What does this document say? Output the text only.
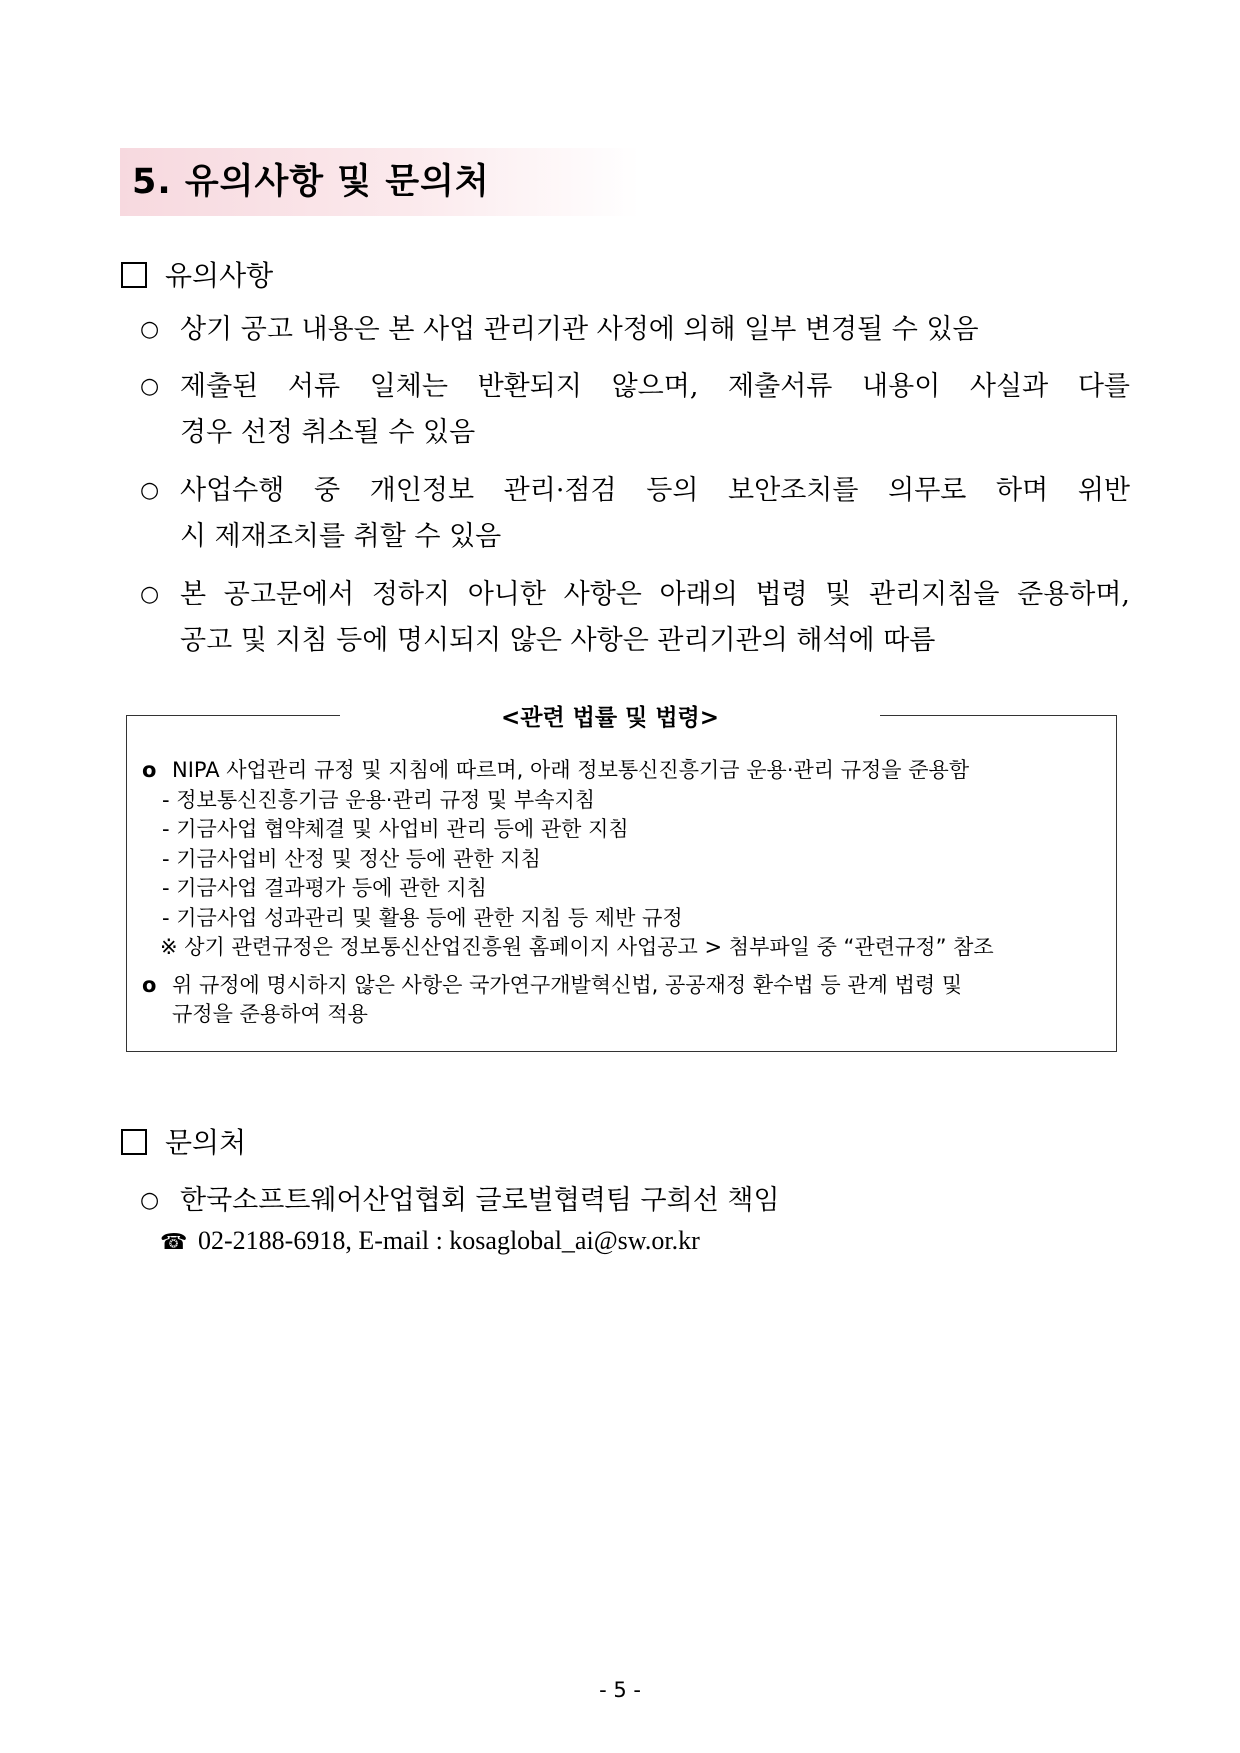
5. 유의사항 및 문의처
유의사항
○ 상기 공고 내용은 본 사업 관리기관 사정에 의해 일부 변경될 수 있음
○ 제출된 서류 일체는 반환되지 않으며, 제출서류 내용이 사실과 다를
경우 선정 취소될 수 있음
○ 사업수행 중 개인정보 관리·점검 등의 보안조치를 의무로 하며 위반
시 제재조치를 취할 수 있음
○ 본 공고문에서 정하지 아니한 사항은 아래의 법령 및 관리지침을 준용하며,
공고 및 지침 등에 명시되지 않은 사항은 관리기관의 해석에 따름
<관련 법률 및 법령>
o NIPA 사업관리 규정 및 지침에 따르며, 아래 정보통신진흥기금 운용·관리 규정을 준용함
- 정보통신진흥기금 운용·관리 규정 및 부속지침
- 기금사업 협약체결 및 사업비 관리 등에 관한 지침
- 기금사업비 산정 및 정산 등에 관한 지침
- 기금사업 결과평가 등에 관한 지침
- 기금사업 성과관리 및 활용 등에 관한 지침 등 제반 규정
※ 상기 관련규정은 정보통신산업진흥원 홈페이지 사업공고 > 첨부파일 중 “관련규정” 참조
o 위 규정에 명시하지 않은 사항은 국가연구개발혁신법, 공공재정 환수법 등 관계 법령 및
규정을 준용하여 적용
문의처
○ 한국소프트웨어산업협회 글로벌협력팀 구희선 책임
☎ 02-2188-6918, E-mail : kosaglobal_ai@sw.or.kr
- 5 -
